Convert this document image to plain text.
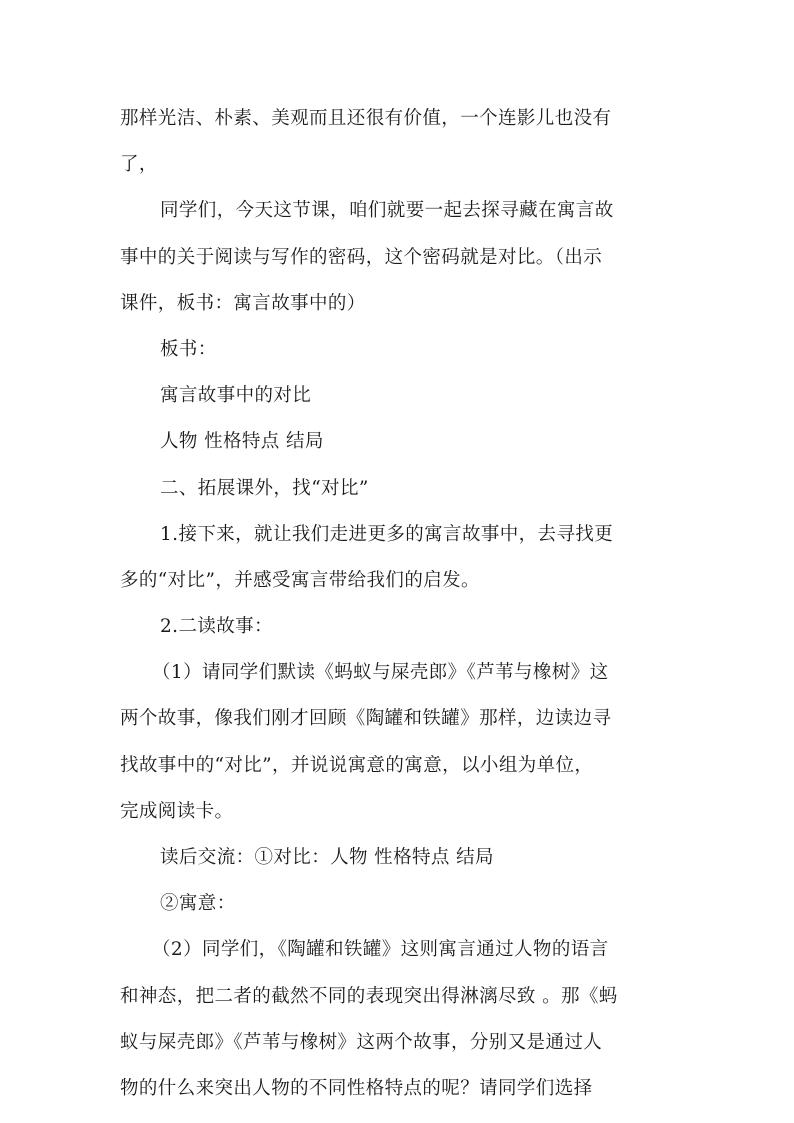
那样光洁、朴素、美观而且还很有价值，一个连影儿也没有
了，
同学们，今天这节课，咱们就要一起去探寻藏在寓言故
事中的关于阅读与写作的密码，这个密码就是对比。（出示
课件，板书：寓言故事中的）
板书：
寓言故事中的对比
人物 性格特点 结局
二、拓展课外，找“对比”
1.接下来，就让我们走进更多的寓言故事中，去寻找更
多的“对比”，并感受寓言带给我们的启发。
2.二读故事：
（1）请同学们默读《蚂蚁与屎壳郎》《芦苇与橡树》这
两个故事，像我们刚才回顾《陶罐和铁罐》那样，边读边寻
找故事中的“对比”，并说说寓意的寓意，以小组为单位，
完成阅读卡。
读后交流：①对比：人物 性格特点 结局
②寓意：
（2）同学们，《陶罐和铁罐》这则寓言通过人物的语言
和神态，把二者的截然不同的表现突出得淋漓尽致 。那《蚂
蚁与屎壳郎》《芦苇与橡树》这两个故事，分别又是通过人
物的什么来突出人物的不同性格特点的呢？请同学们选择
